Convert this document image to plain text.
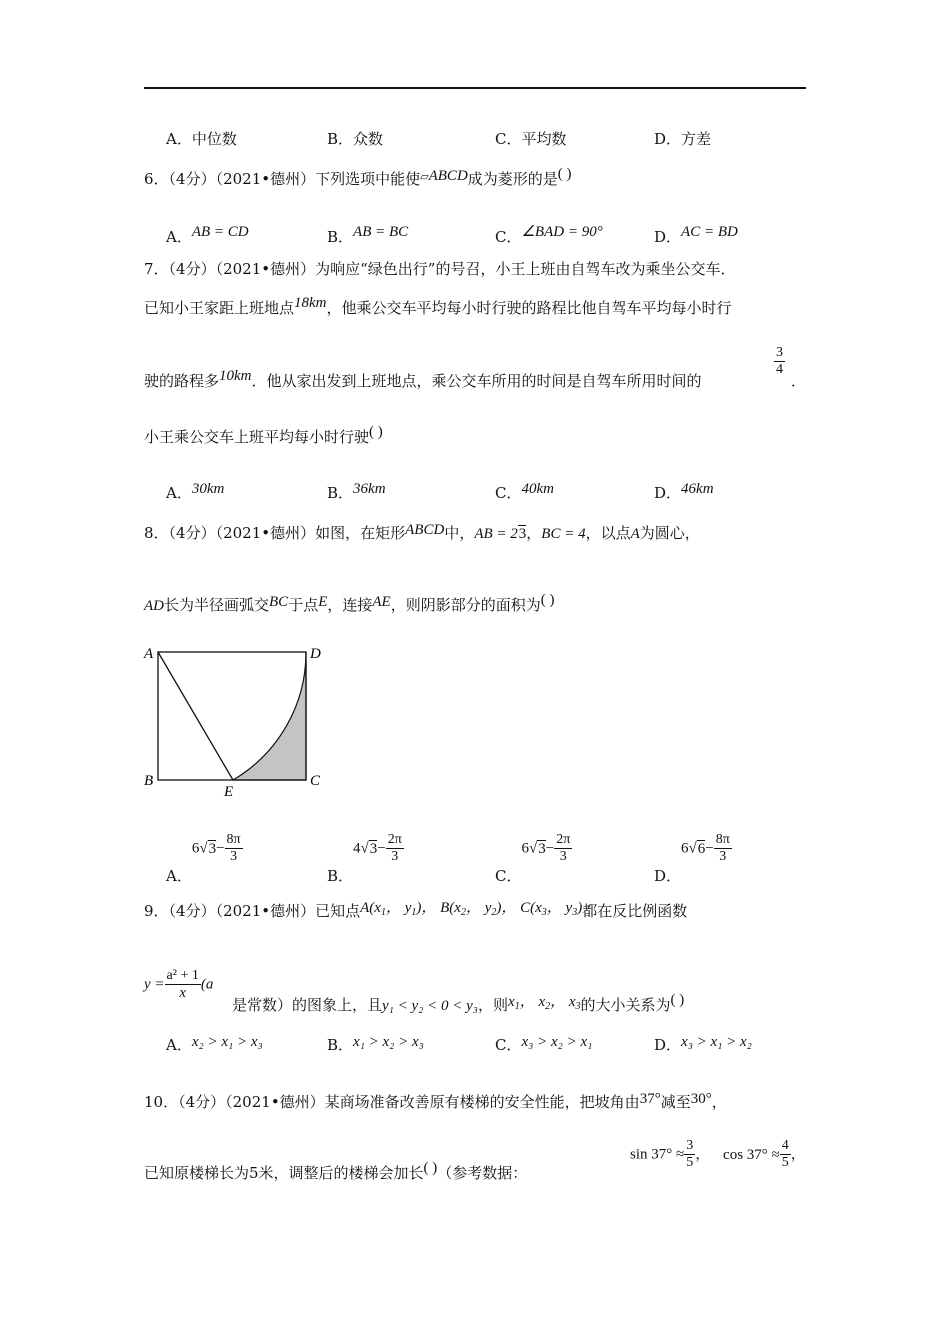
A．中位数	B．众数	C．平均数	D．方差
6．（4分）（2021•德州）下列选项中能使▱ABCD成为菱形的是( )
A．AB = CD	B．AB = BC	C．∠BAD = 90°	D．AC = BD
7．（4分）（2021•德州）为响应“绿色出行”的号召，小王上班由自驾车改为乘坐公交车．
已知小王家距上班地点18km，他乘公交车平均每小时行驶的路程比他自驾车平均每小时行
驶的路程多10km．他从家出发到上班地点，乘公交车所用的时间是自驾车所用时间的
$\frac{3}{4}$
．
小王乘公交车上班平均每小时行驶( )
A．30km	B．36km	C．40km	D．46km
8．（4分）（2021•德州）如图，在矩形ABCD中，AB = 23，BC = 4，以点A为圆心，
AD长为半径画弧交BC于点E，连接AE，则阴影部分的面积为( )
A	D
B	C
E
A．$6√3- \frac{8\pi}{3}$
B．$4√3- \frac{2\pi}{3}$
C．$6√3- \frac{2\pi}{3}$
D．$6√6- \frac{8\pi}{3}$
9．（4分）（2021•德州）已知点$A(x_1$， $y_1$)， $B(x_2$， $y_2$)， $C(x_3$， $y_3$)都在反比例函数
$y = \frac{\text{a² + 1}}{x} (a$
是常数）的图象上，且y₁ < y₂ < 0 < y₃，则$x_1$， $x_2$， $x_3$的大小关系为( )
A．x₂ > x₁ > x₃	B．x₁ > x₂ > x₃	C．x₃ > x₂ > x₁	D．x₃ > x₁ > x₂
10．（4分）（2021•德州）某商场准备改善原有楼梯的安全性能，把坡角由37°减至30°，
已知原楼梯长为5米，调整后的楼梯会加长( )（参考数据：
$\sin 37^\circ \approx \frac{3}{5}$ ， $\cos 37^\circ \approx \frac{4}{5}$ ，
